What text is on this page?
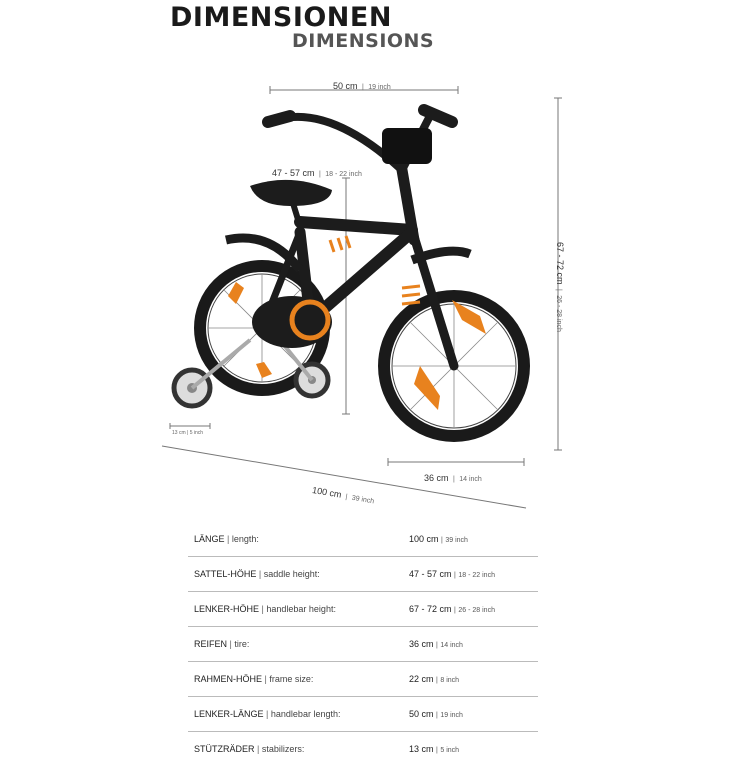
DIMENSIONEN
DIMENSIONS
50 cm | 19 inch
47 - 57 cm | 18 - 22 inch
67 - 72 cm | 26 - 28 inch
13 cm | 5 inch
36 cm | 14 inch
100 cm | 39 inch
LÄNGE | length:	100 cm | 39 inch
SATTEL-HÖHE | saddle height:	47 - 57 cm | 18 - 22 inch
LENKER-HÖHE | handlebar height:	67 - 72 cm | 26 - 28 inch
REIFEN | tire:	36 cm | 14 inch
RAHMEN-HÖHE | frame size:	22 cm | 8 inch
LENKER-LÄNGE | handlebar length:	50 cm | 19 inch
STÜTZRÄDER | stabilizers:	13 cm | 5 inch
